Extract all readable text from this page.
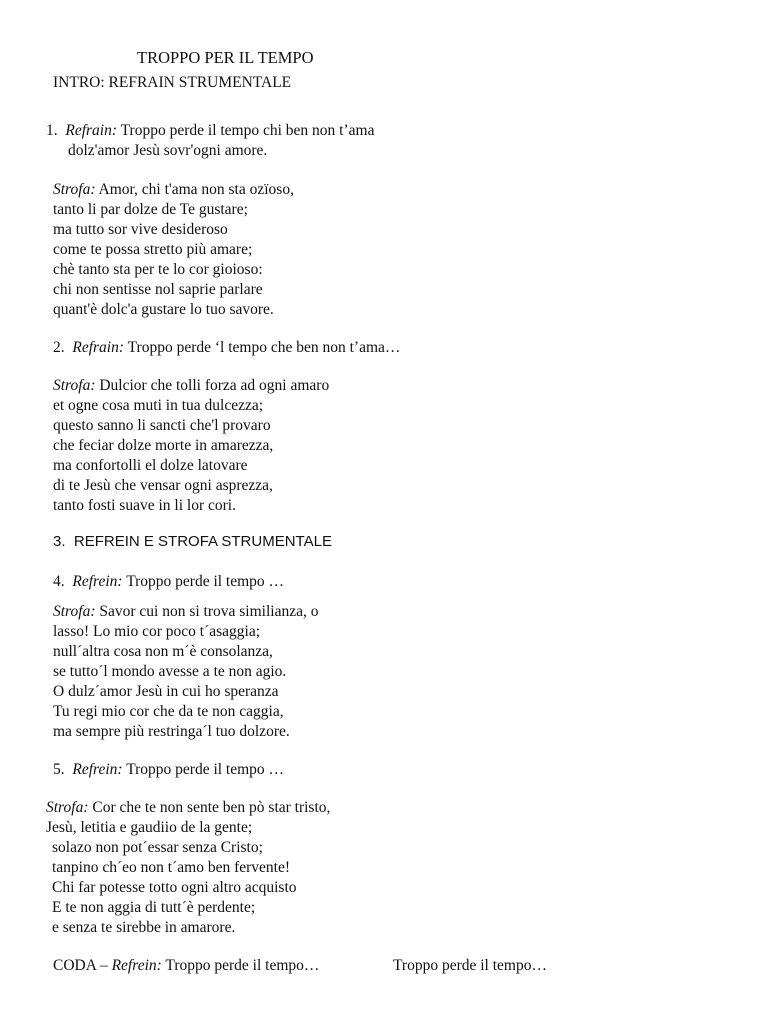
TROPPO PER IL TEMPO
INTRO: REFRAIN STRUMENTALE
1. Refrain: Troppo perde il tempo chi ben non t’ama
dolz'amor Jesù sovr'ogni amore.
Strofa: Amor, chi t'ama non sta ozïoso,
tanto li par dolze de Te gustare;
ma tutto sor vive desideroso
come te possa stretto più amare;
chè tanto sta per te lo cor gioioso:
chi non sentisse nol saprie parlare
quant'è dolc'a gustare lo tuo savore.
2. Refrain: Troppo perde ‘l tempo che ben non t’ama…
Strofa: Dulcior che tolli forza ad ogni amaro
et ogne cosa muti in tua dulcezza;
questo sanno li sancti che'l provaro
che feciar dolze morte in amarezza,
ma confortolli el dolze latovare
di te Jesù che vensar ogni asprezza,
tanto fosti suave in li lor cori.
3. REFREIN E STROFA STRUMENTALE
4. Refrein: Troppo perde il tempo …
Strofa: Savor cui non si trova similianza, o
lasso! Lo mio cor poco t´asaggia;
null´altra cosa non m´è consolanza,
se tutto´l mondo avesse a te non agio.
O dulz´amor Jesù in cui ho speranza
Tu regi mio cor che da te non caggia,
ma sempre più restringa´l tuo dolzore.
5. Refrein: Troppo perde il tempo …
Strofa: Cor che te non sente ben pò star tristo,
Jesù, letitia e gaudiio de la gente;
solazo non pot´essar senza Cristo;
tanpino ch´eo non t´amo ben fervente!
Chi far potesse totto ogni altro acquisto
E te non aggia di tutt´è perdente;
e senza te sirebbe in amarore.
CODA – Refrein: Troppo perde il tempo…	Troppo perde il tempo…
